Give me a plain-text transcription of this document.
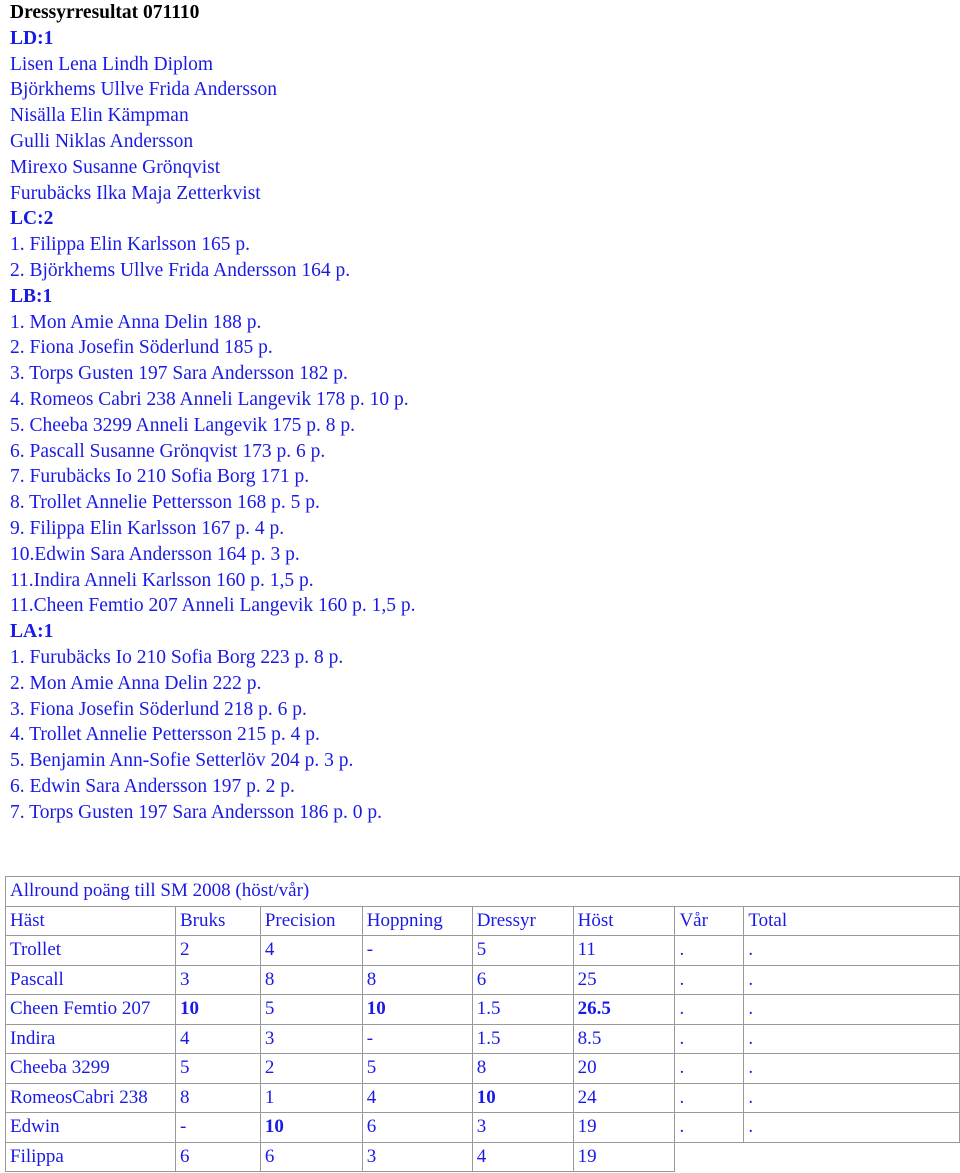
Dressyrresultat 071110
LD:1
Lisen Lena Lindh Diplom
Björkhems Ullve Frida Andersson
Nisälla Elin Kämpman
Gulli Niklas Andersson
Mirexo Susanne Grönqvist
Furubäcks Ilka Maja Zetterkvist
LC:2
1. Filippa Elin Karlsson 165 p.
2. Björkhems Ullve Frida Andersson 164 p.
LB:1
1. Mon Amie Anna Delin 188 p.
2. Fiona Josefin Söderlund 185 p.
3. Torps Gusten 197 Sara Andersson 182 p.
4. Romeos Cabri 238 Anneli Langevik 178 p. 10 p.
5. Cheeba 3299 Anneli Langevik 175 p. 8 p.
6. Pascall Susanne Grönqvist 173 p. 6 p.
7. Furubäcks Io 210 Sofia Borg 171 p.
8. Trollet Annelie Pettersson 168 p. 5 p.
9. Filippa Elin Karlsson 167 p. 4 p.
10.Edwin Sara Andersson 164 p. 3 p.
11.Indira Anneli Karlsson 160 p. 1,5 p.
11.Cheen Femtio 207 Anneli Langevik 160 p. 1,5 p.
LA:1
1. Furubäcks Io 210 Sofia Borg 223 p. 8 p.
2. Mon Amie Anna Delin 222 p.
3. Fiona Josefin Söderlund 218 p. 6 p.
4. Trollet Annelie Pettersson 215 p. 4 p.
5. Benjamin Ann-Sofie Setterlöv 204 p. 3 p.
6. Edwin Sara Andersson 197 p. 2 p.
7. Torps Gusten 197 Sara Andersson 186 p. 0 p.
Allround poäng till SM 2008 (höst/vår)							
Häst	Bruks	Precision	Hoppning	Dressyr	Höst	Vår	Total
Trollet	2	4	-	5	11	.	.
Pascall	3	8	8	6	25	.	.
Cheen Femtio 207	10	5	10	1.5	26.5	.	.
Indira	4	3	-	1.5	8.5	.	.
Cheeba 3299	5	2	5	8	20	.	.
RomeosCabri 238	8	1	4	10	24	.	.
Edwin	-	10	6	3	19	.	.
Filippa	6	6	3	4	19		
